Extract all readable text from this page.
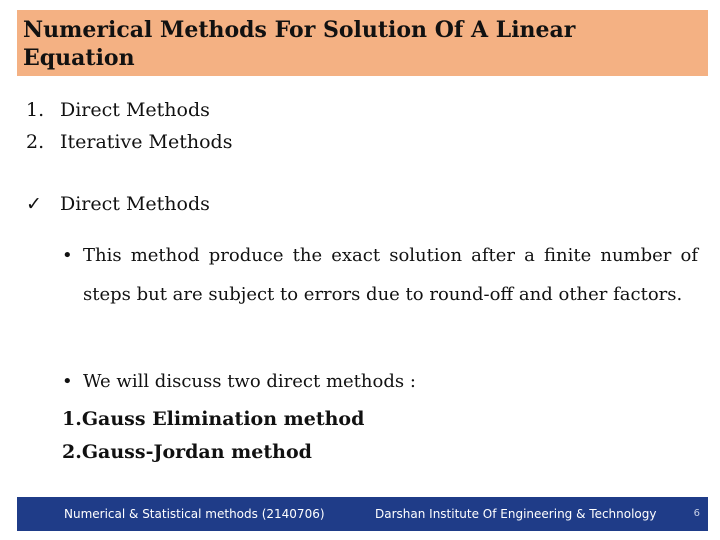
Numerical Methods For Solution Of A Linear Equation
1. Direct Methods
2. Iterative Methods
✓ Direct Methods
• This method produce the exact solution after a finite number of steps but are subject to errors due to round-off and other factors.
• We will discuss two direct methods :
1.Gauss Elimination method
2.Gauss-Jordan method
Numerical & Statistical methods (2140706)	Darshan Institute Of Engineering & Technology	6
